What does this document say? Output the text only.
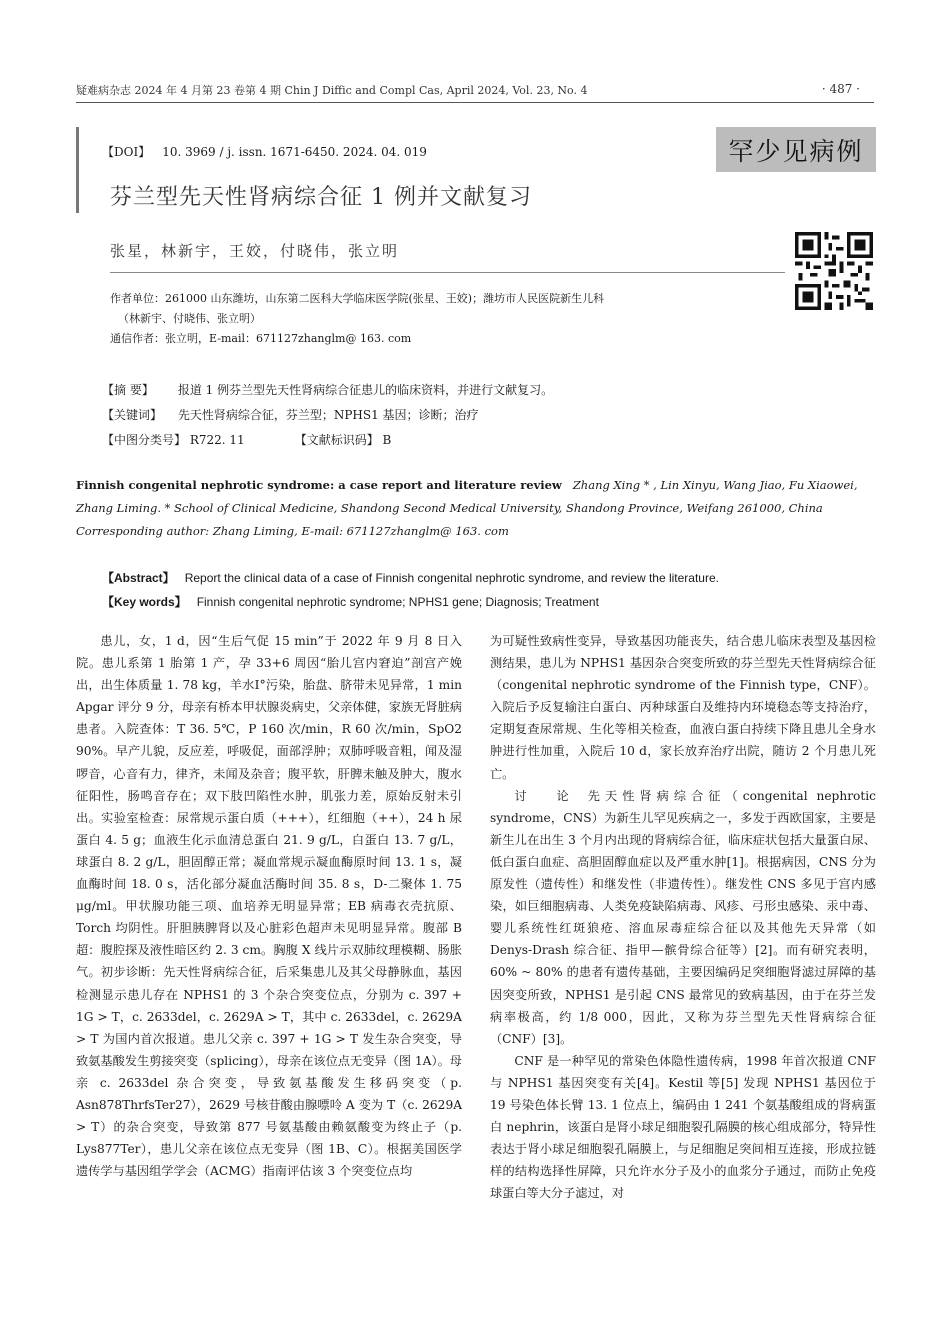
疑难病杂志 2024 年 4 月第 23 卷第 4 期 Chin J Diffic and Compl Cas, April 2024, Vol. 23, No. 4	· 487 ·
【DOI】 10. 3969 / j. issn. 1671-6450. 2024. 04. 019	罕少见病例
芬兰型先天性肾病综合征 1 例并文献复习
张星，林新宇，王姣，付晓伟，张立明
作者单位：261000 山东潍坊，山东第二医科大学临床医学院(张星、王姣)；潍坊市人民医院新生儿科
（林新宇、付晓伟、张立明）
通信作者：张立明，E-mail：671127zhanglm@ 163. com
【摘 要】 报道 1 例芬兰型先天性肾病综合征患儿的临床资料，并进行文献复习。
【关键词】 先天性肾病综合征，芬兰型；NPHS1 基因；诊断；治疗
【中图分类号】 R722. 11	【文献标识码】 B
Finnish congenital nephrotic syndrome: a case report and literature review Zhang Xing * , Lin Xinyu, Wang Jiao, Fu Xiaowei, Zhang Liming. * School of Clinical Medicine, Shandong Second Medical University, Shandong Province, Weifang 261000, China
Corresponding author: Zhang Liming, E-mail: 671127zhanglm@ 163. com
【Abstract】 Report the clinical data of a case of Finnish congenital nephrotic syndrome, and review the literature.
【Key words】 Finnish congenital nephrotic syndrome; NPHS1 gene; Diagnosis; Treatment

患儿，女，1 d，因“生后气促 15 min”于 2022 年 9 月 8 日入院。患儿系第 1 胎第 1 产，孕 33+6 周因“胎儿宫内窘迫”剖宫产娩出，出生体质量 1. 78 kg，羊水Ⅰ°污染，胎盘、脐带未见异常，1 min Apgar 评分 9 分，母亲有桥本甲状腺炎病史，父亲体健，家族无肾脏病患者。入院查体：T 36. 5℃，P 160 次/min，R 60 次/min，SpO2 90%。早产儿貌，反应差，呼吸促，面部浮肿；双肺呼吸音粗，闻及湿啰音，心音有力，律齐，未闻及杂音；腹平软，肝脾未触及肿大，腹水征阳性，肠鸣音存在；双下肢凹陷性水肿，肌张力差，原始反射未引出。实验室检查：尿常规示蛋白质（+++），红细胞（++），24 h 尿蛋白 4. 5 g；血液生化示血清总蛋白 21. 9 g/L，白蛋白 13. 7 g/L，球蛋白 8. 2 g/L，胆固醇正常；凝血常规示凝血酶原时间 13. 1 s，凝血酶时间 18. 0 s，活化部分凝血活酶时间 35. 8 s，D-二聚体 1. 75 μg/ml。甲状腺功能三项、血培养无明显异常；EB 病毒衣壳抗原、Torch 均阴性。肝胆胰脾肾以及心脏彩色超声未见明显异常。腹部 B 超：腹腔探及液性暗区约 2. 3 cm。胸腹 X 线片示双肺纹理模糊、肠胀气。初步诊断：先天性肾病综合征，后采集患儿及其父母静脉血，基因检测显示患儿存在 NPHS1 的 3 个杂合突变位点，分别为 c. 397 + 1G > T，c. 2633del，c. 2629A > T，其中 c. 2633del，c. 2629A > T 为国内首次报道。患儿父亲 c. 397 + 1G > T 发生杂合突变，导致氨基酸发生剪接突变（splicing），母亲在该位点无变异（图 1A）。母亲 c. 2633del 杂合突变，导致氨基酸发生移码突变（p. Asn878ThrfsTer27），2629 号核苷酸由腺嘌呤 A 变为 T（c. 2629A > T）的杂合突变，导致第 877 号氨基酸由赖氨酸变为终止子（p. Lys877Ter），患儿父亲在该位点无变异（图 1B、C）。根据美国医学遗传学与基因组学学会（ACMG）指南评估该 3 个突变位点均

为可疑性致病性变异，导致基因功能丧失，结合患儿临床表型及基因检测结果，患儿为 NPHS1 基因杂合突变所致的芬兰型先天性肾病综合征（congenital nephrotic syndrome of the Finnish type，CNF）。入院后予反复输注白蛋白、丙种球蛋白及维持内环境稳态等支持治疗，定期复查尿常规、生化等相关检查，血液白蛋白持续下降且患儿全身水肿进行性加重，入院后 10 d，家长放弃治疗出院，随访 2 个月患儿死亡。

讨 论 先天性肾病综合征（congenital nephrotic syndrome，CNS）为新生儿罕见疾病之一，多发于西欧国家，主要是新生儿在出生 3 个月内出现的肾病综合征，临床症状包括大量蛋白尿、低白蛋白血症、高胆固醇血症以及严重水肿[1]。根据病因，CNS 分为原发性（遗传性）和继发性（非遗传性）。继发性 CNS 多见于宫内感染，如巨细胞病毒、人类免疫缺陷病毒、风疹、弓形虫感染、汞中毒、婴儿系统性红斑狼疮、溶血尿毒症综合征以及其他先天异常（如 Denys-Drash 综合征、指甲—髌骨综合征等）[2]。而有研究表明，60% ~ 80% 的患者有遗传基础，主要因编码足突细胞肾滤过屏障的基因突变所致，NPHS1 是引起 CNS 最常见的致病基因，由于在芬兰发病率极高，约 1/8 000，因此，又称为芬兰型先天性肾病综合征（CNF）[3]。

CNF 是一种罕见的常染色体隐性遗传病，1998 年首次报道 CNF 与 NPHS1 基因突变有关[4]。Kestil 等[5] 发现 NPHS1 基因位于 19 号染色体长臂 13. 1 位点上，编码由 1 241 个氨基酸组成的肾病蛋白 nephrin，该蛋白是肾小球足细胞裂孔隔膜的核心组成部分，特异性表达于肾小球足细胞裂孔隔膜上，与足细胞足突间相互连接，形成拉链样的结构选择性屏障，只允许水分子及小的血浆分子通过，而防止免疫球蛋白等大分子滤过，对
